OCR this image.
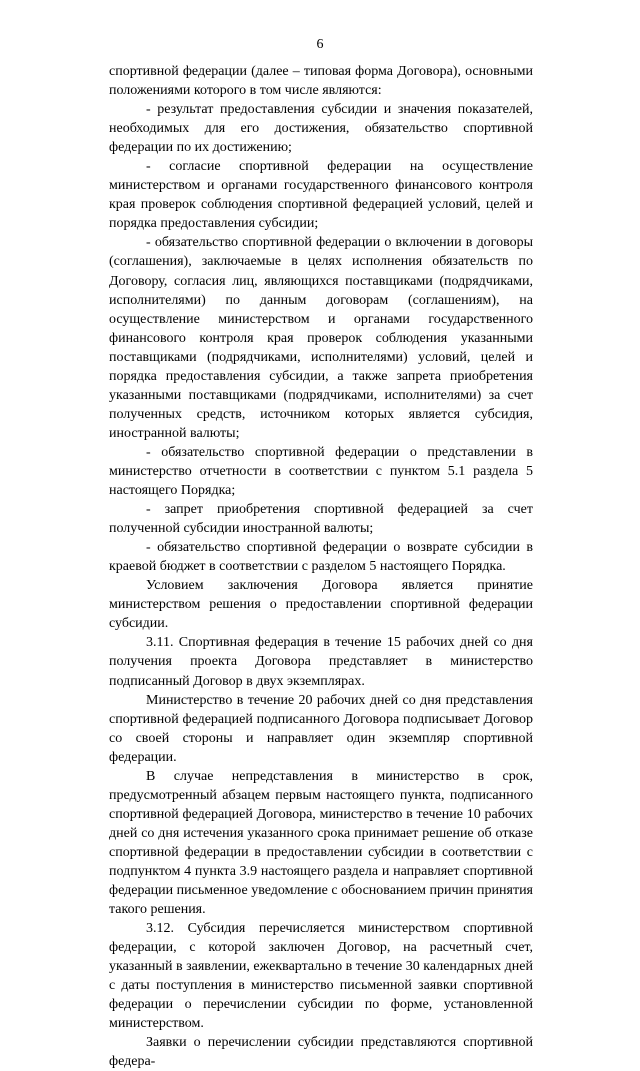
6

спортивной федерации (далее – типовая форма Договора), основными положениями которого в том числе являются:

- результат предоставления субсидии и значения показателей, необходимых для его достижения, обязательство спортивной федерации по их достижению;

- согласие спортивной федерации на осуществление министерством и органами государственного финансового контроля края проверок соблюдения спортивной федерацией условий, целей и порядка предоставления субсидии;

- обязательство спортивной федерации о включении в договоры (соглашения), заключаемые в целях исполнения обязательств по Договору, согласия лиц, являющихся поставщиками (подрядчиками, исполнителями) по данным договорам (соглашениям), на осуществление министерством и органами государственного финансового контроля края проверок соблюдения указанными поставщиками (подрядчиками, исполнителями) условий, целей и порядка предоставления субсидии, а также запрета приобретения указанными поставщиками (подрядчиками, исполнителями) за счет полученных средств, источником которых является субсидия, иностранной валюты;

- обязательство спортивной федерации о представлении в министерство отчетности в соответствии с пунктом 5.1 раздела 5 настоящего Порядка;

- запрет приобретения спортивной федерацией за счет полученной субсидии иностранной валюты;

- обязательство спортивной федерации о возврате субсидии в краевой бюджет в соответствии с разделом 5 настоящего Порядка.

Условием заключения Договора является принятие министерством решения о предоставлении спортивной федерации субсидии.

3.11. Спортивная федерация в течение 15 рабочих дней со дня получения проекта Договора представляет в министерство подписанный Договор в двух экземплярах.

Министерство в течение 20 рабочих дней со дня представления спортивной федерацией подписанного Договора подписывает Договор со своей стороны и направляет один экземпляр спортивной федерации.

В случае непредставления в министерство в срок, предусмотренный абзацем первым настоящего пункта, подписанного спортивной федерацией Договора, министерство в течение 10 рабочих дней со дня истечения указанного срока принимает решение об отказе спортивной федерации в предоставлении субсидии в соответствии с подпунктом 4 пункта 3.9 настоящего раздела и направляет спортивной федерации письменное уведомление с обоснованием причин принятия такого решения.

3.12. Субсидия перечисляется министерством спортивной федерации, с которой заключен Договор, на расчетный счет, указанный в заявлении, ежеквартально в течение 30 календарных дней с даты поступления в министерство письменной заявки спортивной федерации о перечислении субсидии по форме, установленной министерством.

Заявки о перечислении субсидии представляются спортивной федера-
